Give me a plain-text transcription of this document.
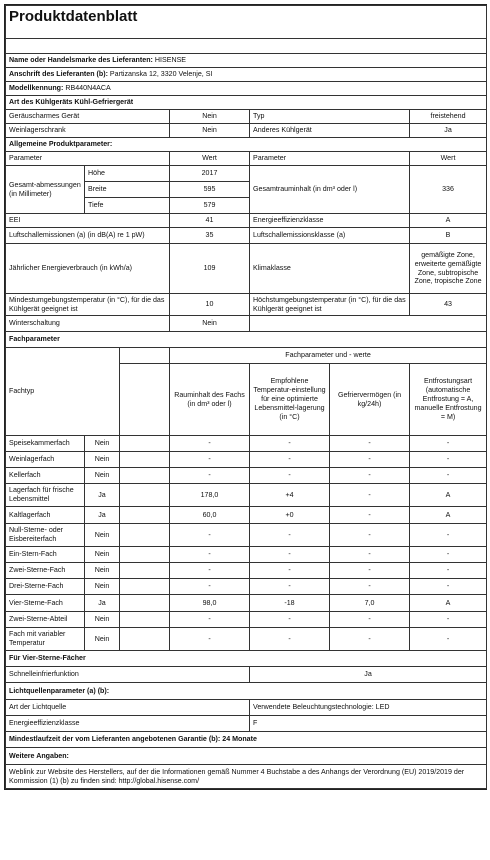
Produktdatenblatt						

Name oder Handelsmarke des Lieferanten: HISENSE						
Anschrift des Lieferanten (b): Partizanska 12, 3320 Velenje, SI						
Modellkennung: RB440N4ACA						
Art des Kühlgeräts Kühl-Gefriergerät						
Geräuscharmes Gerät			Nein	Typ		freistehend
Weinlagerschrank			Nein	Anderes Kühlgerät		Ja
Allgemeine Produktparameter:						
Parameter			Wert	Parameter		Wert
Gesamt-abmessungen (in Millimeter)	Höhe		2017	Gesamtrauminhalt (in dm³ oder l)		336
	Breite		595			
	Tiefe		579			
EEI			41	Energieeffizienzklasse		A
Luftschallemissionen (a) (in dB(A) re 1 pW)			35	Luftschallemissionsklasse (a)		B
Jährlicher Energieverbrauch (in kWh/a)			109	Klimaklasse		gemäßigte Zone, erweiterte gemäßigte Zone, subtropische Zone, tropische Zone
Mindestumgebungstemperatur (in °C), für die das Kühlgerät geeignet ist			10	Höchstumgebungstemperatur (in °C), für die das Kühlgerät geeignet ist		43
Winterschaltung			Nein			
Fachparameter						
Fachtyp			Fachparameter und - werte			
			Rauminhalt des Fachs (in dm³ oder l)	Empfohlene Temperatur-einstellung für eine optimierte Lebensmittel-lagerung (in °C)	Gefriervermögen (in kg/24h)	Entfrostungsart (automatische Entfrostung = A, manuelle Entfrostung = M)
Speisekammerfach	Nein		-	-	-	-
Weinlagerfach	Nein		-	-	-	-
Kellerfach	Nein		-	-	-	-
Lagerfach für frische Lebensmittel	Ja		178,0	+4	-	A
Kaltlagerfach	Ja		60,0	+0	-	A
Null-Sterne- oder Eisbereiterfach	Nein		-	-	-	-
Ein-Stern-Fach	Nein		-	-	-	-
Zwei-Sterne-Fach	Nein		-	-	-	-
Drei-Sterne-Fach	Nein		-	-	-	-
Vier-Sterne-Fach	Ja		98,0	-18	7,0	A
Zwei-Sterne-Abteil	Nein		-	-	-	-
Fach mit variabler Temperatur	Nein		-	-	-	-
Für Vier-Sterne-Fächer						
Schnelleinfrierfunktion				Ja		
Lichtquellenparameter (a) (b):						
Art der Lichtquelle				Verwendete Beleuchtungstechnologie: LED		
Energieeffizienzklasse				F		
Mindestlaufzeit der vom Lieferanten angebotenen Garantie (b): 24 Monate						
Weitere Angaben:						
Weblink zur Website des Herstellers, auf der die Informationen gemäß Nummer 4 Buchstabe a des Anhangs der Verordnung (EU) 2019/2019 der Kommission (1) (b) zu finden sind: http://global.hisense.com/						
